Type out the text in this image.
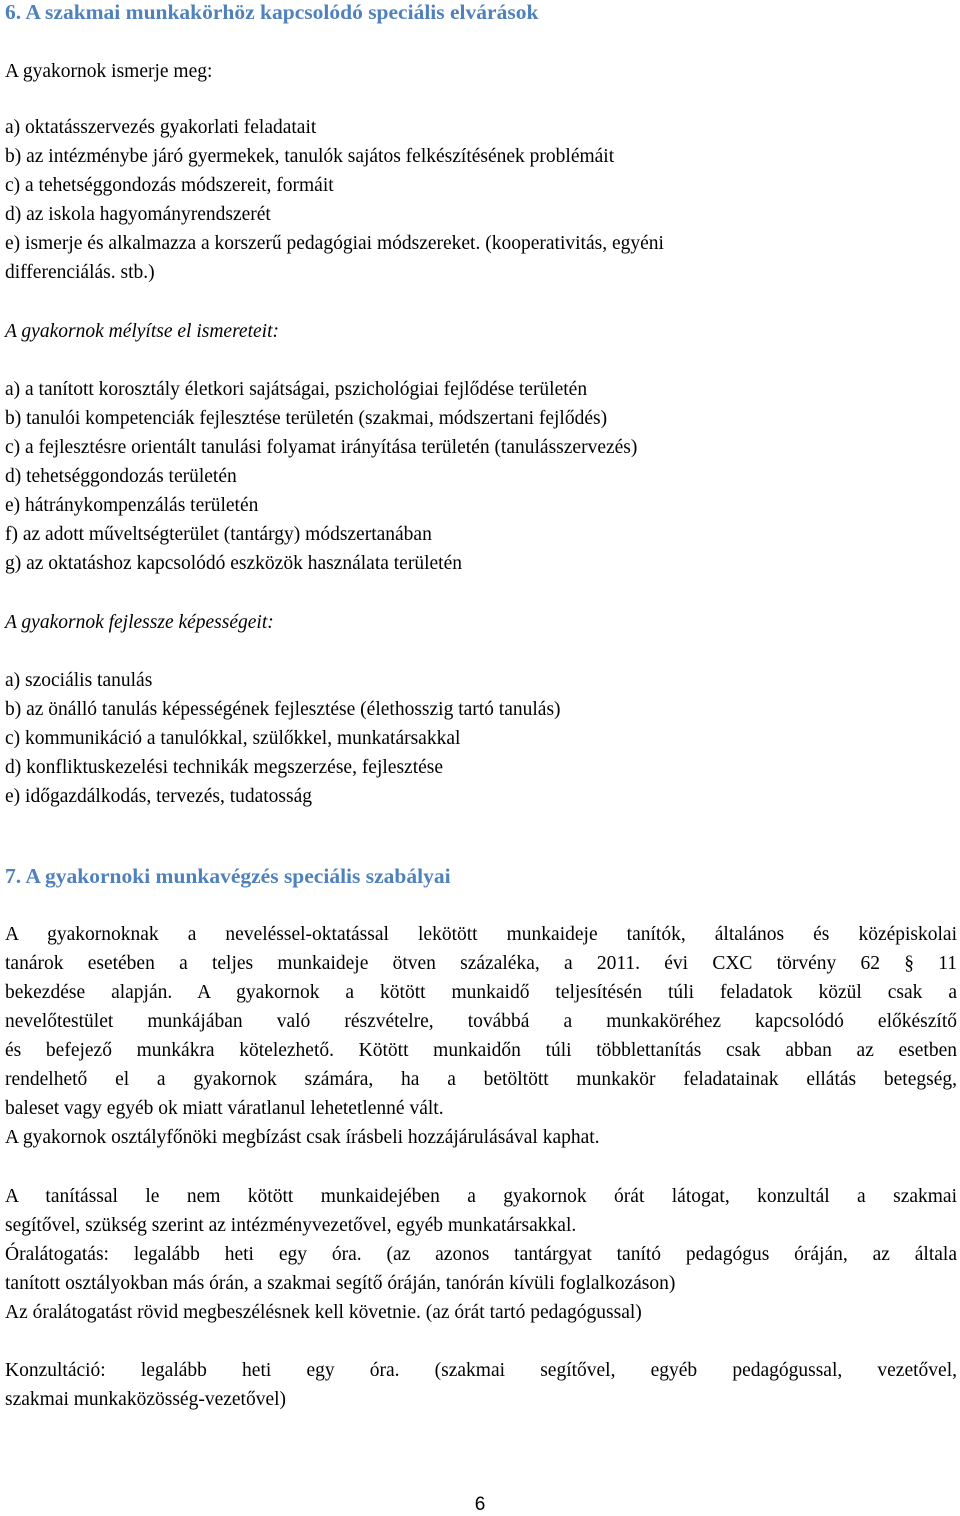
6. A szakmai munkakörhöz kapcsolódó speciális elvárások
A gyakornok ismerje meg:
a) oktatásszervezés gyakorlati feladatait
b) az intézménybe járó gyermekek, tanulók sajátos felkészítésének problémáit
c) a tehetséggondozás módszereit, formáit
d) az iskola hagyományrendszerét
e) ismerje és alkalmazza a korszerű pedagógiai módszereket. (kooperativitás, egyéni
differenciálás. stb.)
A gyakornok mélyítse el ismereteit:
a) a tanított korosztály életkori sajátságai, pszichológiai fejlődése területén
b) tanulói kompetenciák fejlesztése területén (szakmai, módszertani fejlődés)
c) a fejlesztésre orientált tanulási folyamat irányítása területén (tanulásszervezés)
d) tehetséggondozás területén
e) hátránykompenzálás területén
f) az adott műveltségterület (tantárgy) módszertanában
g) az oktatáshoz kapcsolódó eszközök használata területén
A gyakornok fejlessze képességeit:
a) szociális tanulás
b) az önálló tanulás képességének fejlesztése (élethosszig tartó tanulás)
c) kommunikáció a tanulókkal, szülőkkel, munkatársakkal
d) konfliktuskezelési technikák megszerzése, fejlesztése
e) időgazdálkodás, tervezés, tudatosság
7. A gyakornoki munkavégzés speciális szabályai
A gyakornoknak a neveléssel-oktatással lekötött munkaideje tanítók, általános és középiskolai
tanárok esetében a teljes munkaideje ötven százaléka, a 2011. évi CXC törvény 62 § 11
bekezdése alapján. A gyakornok a kötött munkaidő teljesítésén túli feladatok közül csak a
nevelőtestület munkájában való részvételre, továbbá a munkaköréhez kapcsolódó előkészítő
és befejező munkákra kötelezhető. Kötött munkaidőn túli többlettanítás csak abban az esetben
rendelhető el a gyakornok számára, ha a betöltött munkakör feladatainak ellátás betegség,
baleset vagy egyéb ok miatt váratlanul lehetetlenné vált.
A gyakornok osztályfőnöki megbízást csak írásbeli hozzájárulásával kaphat.
A tanítással le nem kötött munkaidejében a gyakornok órát látogat, konzultál a szakmai
segítővel, szükség szerint az intézményvezetővel, egyéb munkatársakkal.
Óralátogatás: legalább heti egy óra. (az azonos tantárgyat tanító pedagógus óráján, az általa
tanított osztályokban más órán, a szakmai segítő óráján, tanórán kívüli foglalkozáson)
Az óralátogatást rövid megbeszélésnek kell követnie. (az órát tartó pedagógussal)
Konzultáció: legalább heti egy óra. (szakmai segítővel, egyéb pedagógussal, vezetővel,
szakmai munkaközösség-vezetővel)
6
